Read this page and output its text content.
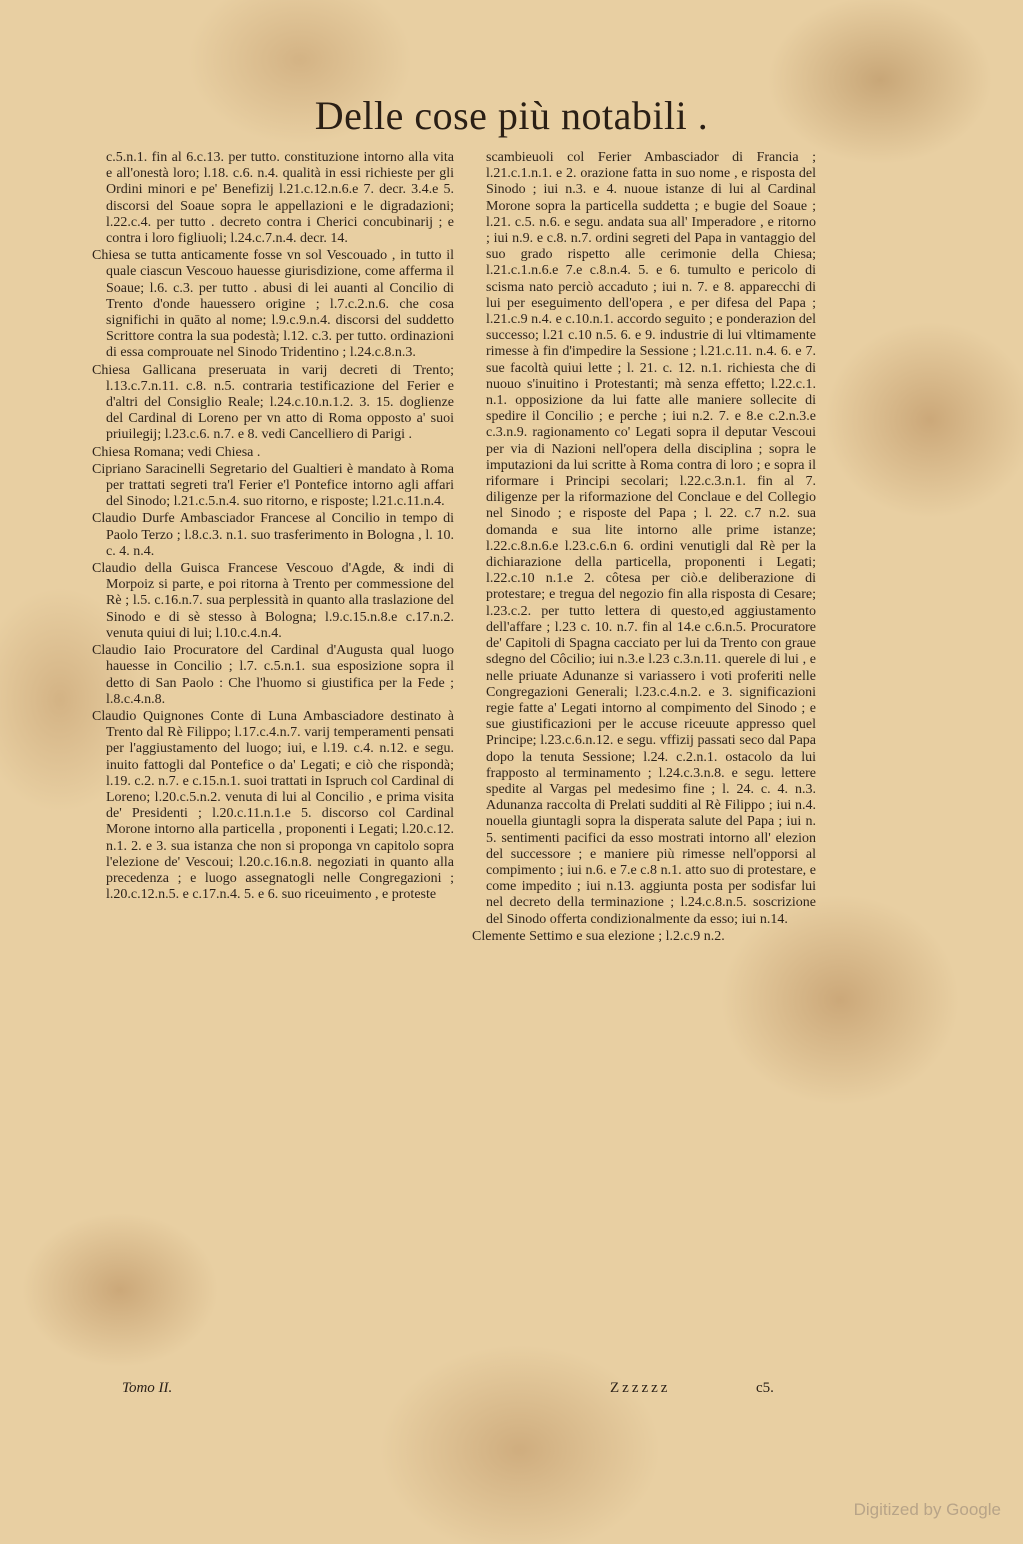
Delle cose più notabili .

c.5.n.1. fin al 6.c.13. per tutto. constituzione intorno alla vita e all'onestà loro; l.18. c.6. n.4. qualità in essi richieste per gli Ordini minori e pe' Benefizij l.21.c.12.n.6.e 7. decr. 3.4.e 5. discorsi del Soaue sopra le appellazioni e le digradazioni; l.22.c.4. per tutto . decreto contra i Cherici concubinarij ; e contra i loro figliuoli; l.24.c.7.n.4. decr. 14.

Chiesa se tutta anticamente fosse vn sol Vescouado , in tutto il quale ciascun Vescouo hauesse giurisdizione, come afferma il Soaue; l.6. c.3. per tutto . abusi di lei auanti al Concilio di Trento d'onde hauessero origine ; l.7.c.2.n.6. che cosa significhi in quāto al nome; l.9.c.9.n.4. discorsi del suddetto Scrittore contra la sua podestà; l.12. c.3. per tutto. ordinazioni di essa comprouate nel Sinodo Tridentino ; l.24.c.8.n.3.

Chiesa Gallicana preseruata in varij decreti di Trento; l.13.c.7.n.11. c.8. n.5. contraria testificazione del Ferier e d'altri del Consiglio Reale; l.24.c.10.n.1.2. 3. 15. doglienze del Cardinal di Loreno per vn atto di Roma opposto a' suoi priuilegij; l.23.c.6. n.7. e 8. vedi Cancelliero di Parigi .

Chiesa Romana; vedi Chiesa .

Cipriano Saracinelli Segretario del Gualtieri è mandato à Roma per trattati segreti tra'l Ferier e'l Pontefice intorno agli affari del Sinodo; l.21.c.5.n.4. suo ritorno, e risposte; l.21.c.11.n.4.

Claudio Durfe Ambasciador Francese al Concilio in tempo di Paolo Terzo ; l.8.c.3. n.1. suo trasferimento in Bologna , l. 10. c. 4. n.4.

Claudio della Guisca Francese Vescouo d'Agde, & indi di Morpoiz si parte, e poi ritorna à Trento per commessione del Rè ; l.5. c.16.n.7. sua perplessità in quanto alla traslazione del Sinodo e di sè stesso à Bologna; l.9.c.15.n.8.e c.17.n.2. venuta quiui di lui; l.10.c.4.n.4.

Claudio Iaio Procuratore del Cardinal d'Augusta qual luogo hauesse in Concilio ; l.7. c.5.n.1. sua esposizione sopra il detto di San Paolo : Che l'huomo si giustifica per la Fede ; l.8.c.4.n.8.

Claudio Quignones Conte di Luna Ambasciadore destinato à Trento dal Rè Filippo; l.17.c.4.n.7. varij temperamenti pensati per l'aggiustamento del luogo; iui, e l.19. c.4. n.12. e segu. inuito fattogli dal Pontefice o da' Legati; e ciò che rispondà; l.19. c.2. n.7. e c.15.n.1. suoi trattati in Ispruch col Cardinal di Loreno; l.20.c.5.n.2. venuta di lui al Concilio , e prima visita de' Presidenti ; l.20.c.11.n.1.e 5. discorso col Cardinal Morone intorno alla particella , proponenti i Legati; l.20.c.12. n.1. 2. e 3. sua istanza che non si proponga vn capitolo sopra l'elezione de' Vescoui; l.20.c.16.n.8. negoziati in quanto alla precedenza ; e luogo assegnatogli nelle Congregazioni ; l.20.c.12.n.5. e c.17.n.4. 5. e 6. suo riceuimento , e proteste

scambieuoli col Ferier Ambasciador di Francia ; l.21.c.1.n.1. e 2. orazione fatta in suo nome , e risposta del Sinodo ; iui n.3. e 4. nuoue istanze di lui al Cardinal Morone sopra la particella suddetta ; e bugie del Soaue ; l.21. c.5. n.6. e segu. andata sua all' Imperadore , e ritorno ; iui n.9. e c.8. n.7. ordini segreti del Papa in vantaggio del suo grado rispetto alle cerimonie della Chiesa; l.21.c.1.n.6.e 7.e c.8.n.4. 5. e 6. tumulto e pericolo di scisma nato perciò accaduto ; iui n. 7. e 8. apparecchi di lui per eseguimento dell'opera , e per difesa del Papa ; l.21.c.9 n.4. e c.10.n.1. accordo seguito ; e ponderazion del successo; l.21 c.10 n.5. 6. e 9. industrie di lui vltimamente rimesse à fin d'impedire la Sessione ; l.21.c.11. n.4. 6. e 7. sue facoltà quiui lette ; l. 21. c. 12. n.1. richiesta che di nuouo s'inuitino i Protestanti; mà senza effetto; l.22.c.1. n.1. opposizione da lui fatte alle maniere sollecite di spedire il Concilio ; e perche ; iui n.2. 7. e 8.e c.2.n.3.e c.3.n.9. ragionamento co' Legati sopra il deputar Vescoui per via di Nazioni nell'opera della disciplina ; sopra le imputazioni da lui scritte à Roma contra di loro ; e sopra il riformare i Principi secolari; l.22.c.3.n.1. fin al 7. diligenze per la riformazione del Conclaue e del Collegio nel Sinodo ; e risposte del Papa ; l. 22. c.7 n.2. sua domanda e sua lite intorno alle prime istanze; l.22.c.8.n.6.e l.23.c.6.n 6. ordini venutigli dal Rè per la dichiarazione della particella, proponenti i Legati; l.22.c.10 n.1.e 2. côtesa per ciò.e deliberazione di protestare; e tregua del negozio fin alla risposta di Cesare; l.23.c.2. per tutto lettera di questo,ed aggiustamento dell'affare ; l.23 c. 10. n.7. fin al 14.e c.6.n.5. Procuratore de' Capitoli di Spagna cacciato per lui da Trento con graue sdegno del Côcilio; iui n.3.e l.23 c.3.n.11. querele di lui , e nelle priuate Adunanze si variassero i voti proferiti nelle Congregazioni Generali; l.23.c.4.n.2. e 3. significazioni regie fatte a' Legati intorno al compimento del Sinodo ; e sue giustificazioni per le accuse riceuute appresso quel Principe; l.23.c.6.n.12. e segu. vffizij passati seco dal Papa dopo la tenuta Sessione; l.24. c.2.n.1. ostacolo da lui frapposto al terminamento ; l.24.c.3.n.8. e segu. lettere spedite al Vargas pel medesimo fine ; l. 24. c. 4. n.3. Adunanza raccolta di Prelati sudditi al Rè Filippo ; iui n.4. nouella giuntagli sopra la disperata salute del Papa ; iui n. 5. sentimenti pacifici da esso mostrati intorno all' elezion del successore ; e maniere più rimesse nell'opporsi al compimento ; iui n.6. e 7.e c.8 n.1. atto suo di protestare, e come impedito ; iui n.13. aggiunta posta per sodisfar lui nel decreto della terminazione ; l.24.c.8.n.5. soscrizione del Sinodo offerta condizionalmente da esso; iui n.14.

Clemente Settimo e sua elezione ; l.2.c.9 n.2.

Tomo II.	Zzzzzz	c5.
Digitized by Google
